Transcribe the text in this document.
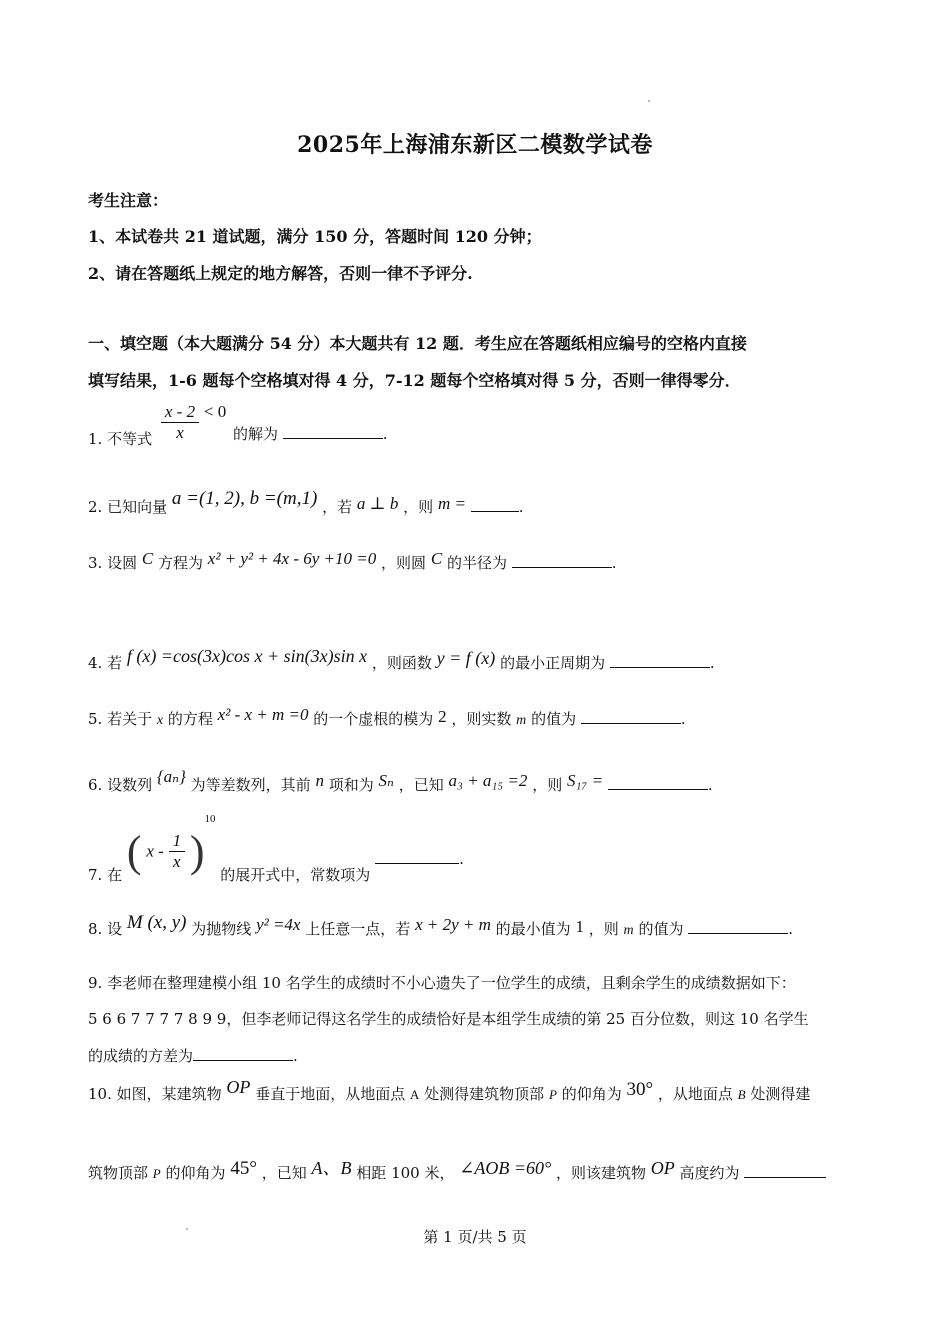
2025年上海浦东新区二模数学试卷
考生注意：
1、本试卷共 21 道试题，满分 150 分，答题时间 120 分钟；
2、请在答题纸上规定的地方解答，否则一律不予评分.
一、填空题（本大题满分 54 分）本大题共有 12 题．考生应在答题纸相应编号的空格内直接
填写结果，1-6 题每个空格填对得 4 分，7-12 题每个空格填对得 5 分，否则一律得零分．
1. 不等式 $\frac{x - 2}{x} < 0$ 的解为	.
2. 已知向量 a =(1, 2), b =(m,1) ，若 a ⊥ b ，则 m =	.
3. 设圆 C 方程为 x² + y² + 4x - 6y +10 =0 ，则圆 C 的半径为	.
4. 若 f (x) =cos(3x)cos x + sin(3x)sin x ，则函数 y = f (x) 的最小正周期为	.
5. 若关于 x 的方程 x² - x + m =0 的一个虚根的模为 2 ，则实数 m 的值为	.
6. 设数列 {aₙ} 为等差数列，其前 n 项和为 Sₙ ，已知 a₃ + a₁₅ =2 ，则 S₁₇ =	.
7. 在 ( x - $\frac{1}{x} )^{10}$ 的展开式中，常数项为 .
8. 设 M (x, y) 为抛物线 y² =4x 上任意一点，若 x + 2y + m 的最小值为 1 ，则 m 的值为	.
9. 李老师在整理建模小组 10 名学生的成绩时不小心遗失了一位学生的成绩，且剩余学生的成绩数据如下：
5 6 6 7 7 7 7 8 9 9，但李老师记得这名学生的成绩恰好是本组学生成绩的第 25 百分位数，则这 10 名学生
的成绩的方差为	.
10. 如图，某建筑物 OP 垂直于地面，从地面点 A 处测得建筑物顶部 P 的仰角为 30° ，从地面点 B 处测得建
筑物顶部 P 的仰角为 45° ，已知 A、B 相距 100 米， ∠AOB =60° ，则该建筑物 OP 高度约为
第 1 页/共 5 页
